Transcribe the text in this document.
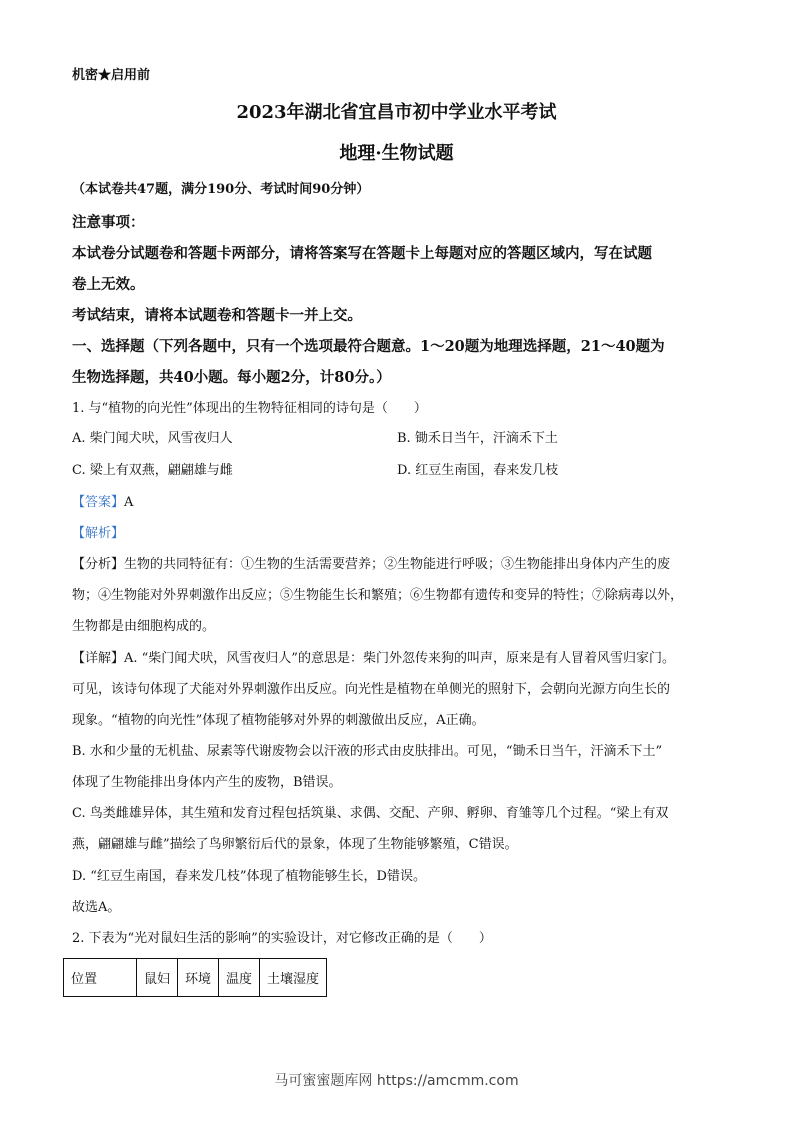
机密★启用前
2023年湖北省宜昌市初中学业水平考试
地理·生物试题
（本试卷共47题，满分190分、考试时间90分钟）
注意事项：
本试卷分试题卷和答题卡两部分，请将答案写在答题卡上每题对应的答题区域内，写在试题
卷上无效。
考试结束，请将本试题卷和答题卡一并上交。
一、选择题（下列各题中，只有一个选项最符合题意。1～20题为地理选择题，21～40题为
生物选择题，共40小题。每小题2分，计80分。）
1. 与“植物的向光性”体现出的生物特征相同的诗句是（　　）
A. 柴门闻犬吠，风雪夜归人	B. 锄禾日当午，汗滴禾下土
C. 梁上有双燕，翩翩雄与雌	D. 红豆生南国，春来发几枝
【答案】A
【解析】
【分析】生物的共同特征有：①生物的生活需要营养；②生物能进行呼吸；③生物能排出身体内产生的废
物；④生物能对外界刺激作出反应；⑤生物能生长和繁殖；⑥生物都有遗传和变异的特性；⑦除病毒以外，
生物都是由细胞构成的。
【详解】A. “柴门闻犬吠，风雪夜归人”的意思是：柴门外忽传来狗的叫声，原来是有人冒着风雪归家门。
可见，该诗句体现了犬能对外界刺激作出反应。向光性是植物在单侧光的照射下，会朝向光源方向生长的
现象。“植物的向光性”体现了植物能够对外界的刺激做出反应，A正确。
B. 水和少量的无机盐、尿素等代谢废物会以汗液的形式由皮肤排出。可见，“锄禾日当午，汗滴禾下土”
体现了生物能排出身体内产生的废物，B错误。
C. 鸟类雌雄异体，其生殖和发育过程包括筑巢、求偶、交配、产卵、孵卵、育雏等几个过程。“梁上有双
燕，翩翩雄与雌”描绘了鸟卵繁衍后代的景象，体现了生物能够繁殖，C错误。
D. “红豆生南国，春来发几枝”体现了植物能够生长，D错误。
故选A。
2. 下表为“光对鼠妇生活的影响”的实验设计，对它修改正确的是（　　）
位置	鼠妇	环境	温度	土壤湿度
马可蜜蜜题库网 https://amcmm.com
